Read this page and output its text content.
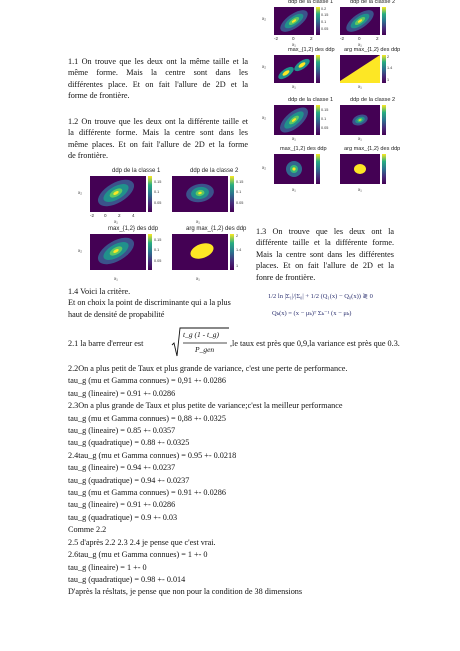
1.1 On trouve que les deux ont la même taille et la
même forme. Mais la centre sont dans les
différentes place. Et on fait l'allure de 2D et la
forme de frontière.
1.2 On trouve que les deux ont la différente taille et
la différente forme. Mais la centre sont dans les
même places. Et on fait l'allure de 2D et la forme
de frontière.
ddp de la classe 1	ddp de la classe 2
0.2
0.15
0.1
0.05
x₂
-2	0	2
x₁
-2	0	2
x₁
max_{1,2} des ddp arg max_{1,2} des ddp
2
1.4
1
x₂
x₁	x₁
ddp de la classe 1	ddp de la classe 2
0.15
0.1
0.05
x₂
x₁	x₁
max_{1,2} des ddp	arg max_{1,2} des ddp
x₂
x₁	x₁
ddp de la classe 1	ddp de la classe 2
0.15
0.1
0.05
0.15
0.1
0.05
x₂
-2 0 2 4
x₁	x₁
max_{1,2} des ddp	arg max_{1,2} des ddp
0.15
0.1
0.05
2
1.4
1
x₂
x₁	x₁
1.3 On trouve que les deux ont la
différente taille et la différente forme.
Mais la centre sont dans les différentes
places. Et on fait l'allure de 2D et la
fonre de frontière.
1.4 Voici la critère.
Et on choix la point de discriminante qui a la plus
haut de densité de propabilité
1/2 ln |Σ₁|/|Σ₀| + 1/2 (Q₁(x) − Q₀(x)) ≷ 0
Qₖ(x) = (x − μₖ)ᵀ Σₖ⁻¹ (x − μₖ)
2.1 la barre d'erreur est
t_g (1 - t_g)
P_gen
,le taux est près que 0,9,la variance est près que 0.3.
2.2On a plus petit de Taux et plus grande de variance, c'est une perte de performance.
tau_g (mu et Gamma connues) = 0,91 +- 0.0286
tau_g (lineaire) = 0.91 +- 0.0286
2.3On a plus grande de Taux et plus petite de variance;c'est la meilleur performance
tau_g (mu et Gamma connues) = 0,88 +- 0.0325
tau_g (lineaire) = 0.85 +- 0.0357
tau_g (quadratique) = 0.88 +- 0.0325
2.4tau_g (mu et Gamma connues) = 0.95 +- 0.0218
tau_g (lineaire) = 0.94 +- 0.0237
tau_g (quadratique) = 0.94 +- 0.0237
tau_g (mu et Gamma connues) = 0.91 +- 0.0286
tau_g (lineaire) = 0.91 +- 0.0286
tau_g (quadratique) = 0.9 +- 0.03
Comme 2.2
2.5 d'après 2.2 2.3 2.4 je pense que c'est vrai.
2.6tau_g (mu et Gamma connues) = 1 +- 0
tau_g (lineaire) = 1 +- 0
tau_g (quadratique) = 0.98 +- 0.014
D'après la résltats, je pense que non pour la condition de 38 dimensions
